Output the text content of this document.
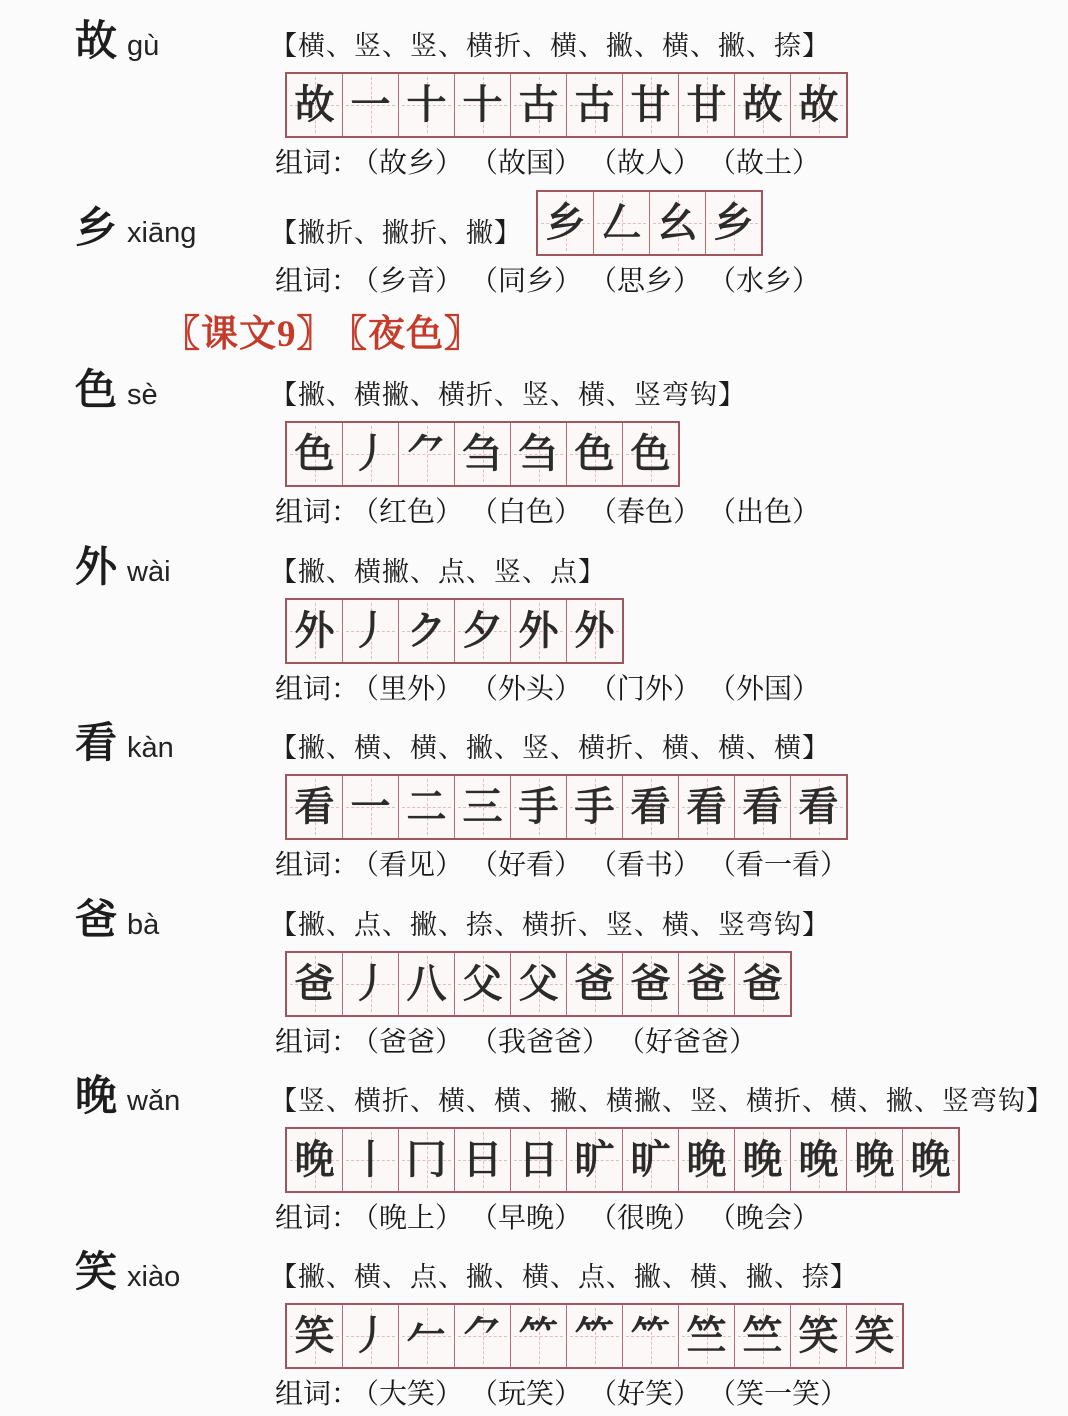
故 gù	【横、竖、竖、横折、横、撇、横、撇、捺】
故 一 十 十 古 古 甘 甘 故 故
组词： （故乡） （故国） （故人） （故土）
乡 xiāng	【撇折、撇折、撇】 乡 𠃋 幺 乡
组词： （乡音） （同乡） （思乡） （水乡）
〖课文9〗 〖夜色〗
色 sè	【撇、横撇、横折、竖、横、竖弯钩】
色 丿 ⺈ 刍 刍 色 色
组词： （红色） （白色） （春色） （出色）
外 wài	【撇、横撇、点、竖、点】
外 丿 ク 夕 外 外
组词： （里外） （外头） （门外） （外国）
看 kàn	【撇、横、横、撇、竖、横折、横、横、横】
看 一 二 三 手 手 看 看 看 看
组词： （看见） （好看） （看书） （看一看）
爸 bà	【撇、点、撇、捺、横折、竖、横、竖弯钩】
爸 丿 八 父 父 爸 爸 爸 爸
组词： （爸爸） （我爸爸） （好爸爸）
晚 wǎn	【竖、横折、横、横、撇、横撇、竖、横折、横、撇、竖弯钩】
晚 丨 冂 日 日 旷 旷 晚 晚 晚 晚 晚
组词： （晚上） （早晚） （很晚） （晚会）
笑 xiào	【撇、横、点、撇、横、点、撇、横、撇、捺】
笑 丿 𠂉 ⺈ ⺮ ⺮ ⺮ 竺 竺 笑 笑
组词： （大笑） （玩笑） （好笑） （笑一笑）
